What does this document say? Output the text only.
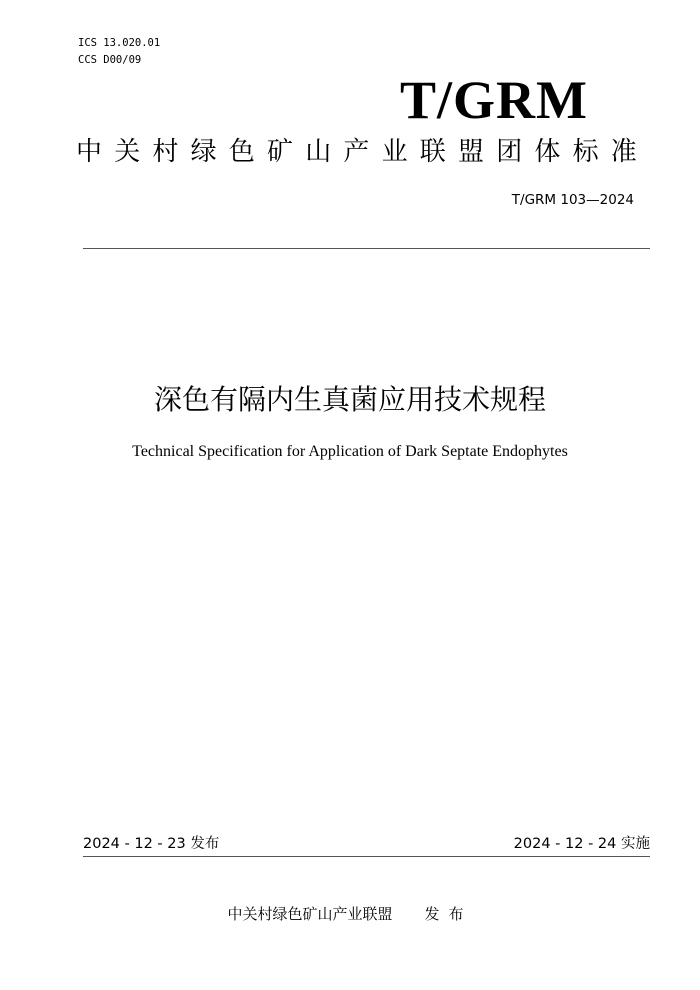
ICS 13.020.01
CCS D00/09
T/GRM
中关村绿色矿山产业联盟团体标准
T/GRM 103—2024
深色有隔内生真菌应用技术规程
Technical Specification for Application of Dark Septate Endophytes
2024 - 12 - 23 发布	2024 - 12 - 24 实施
中关村绿色矿山产业联盟 发布
